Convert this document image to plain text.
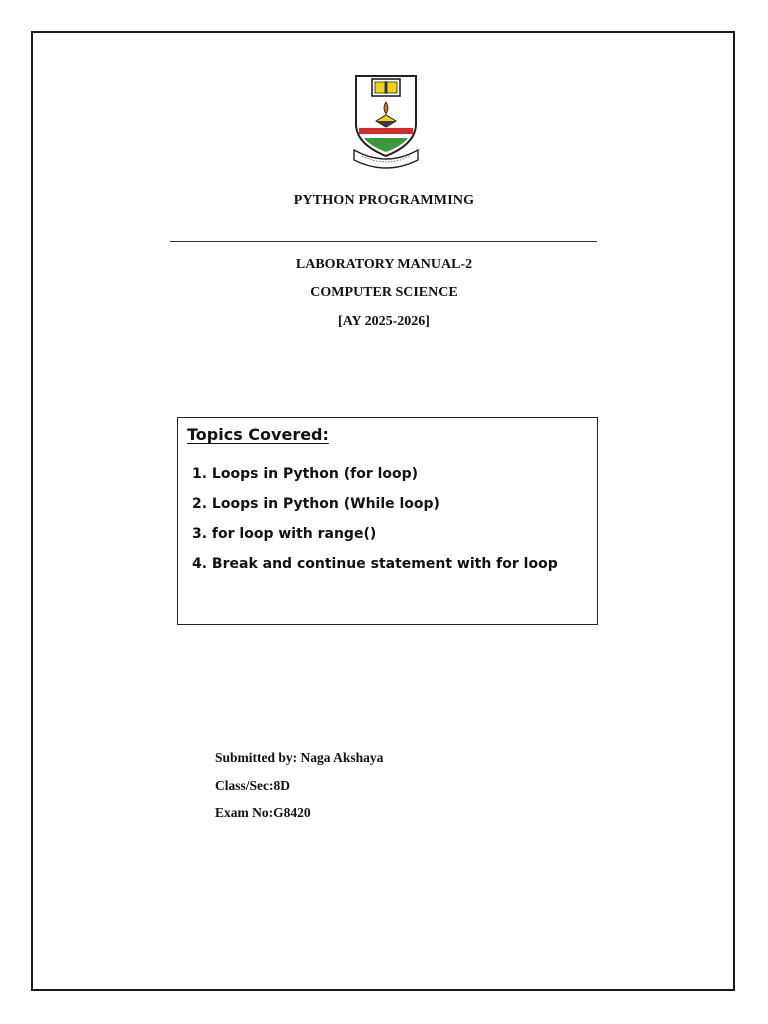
PYTHON PROGRAMMING
LABORATORY MANUAL-2
COMPUTER SCIENCE
[AY 2025-2026]
Topics Covered:
1. Loops in Python (for loop)
2. Loops in Python (While loop)
3. for loop with range()
4. Break and continue statement with for loop
Submitted by: Naga Akshaya
Class/Sec:8D
Exam No:G8420
